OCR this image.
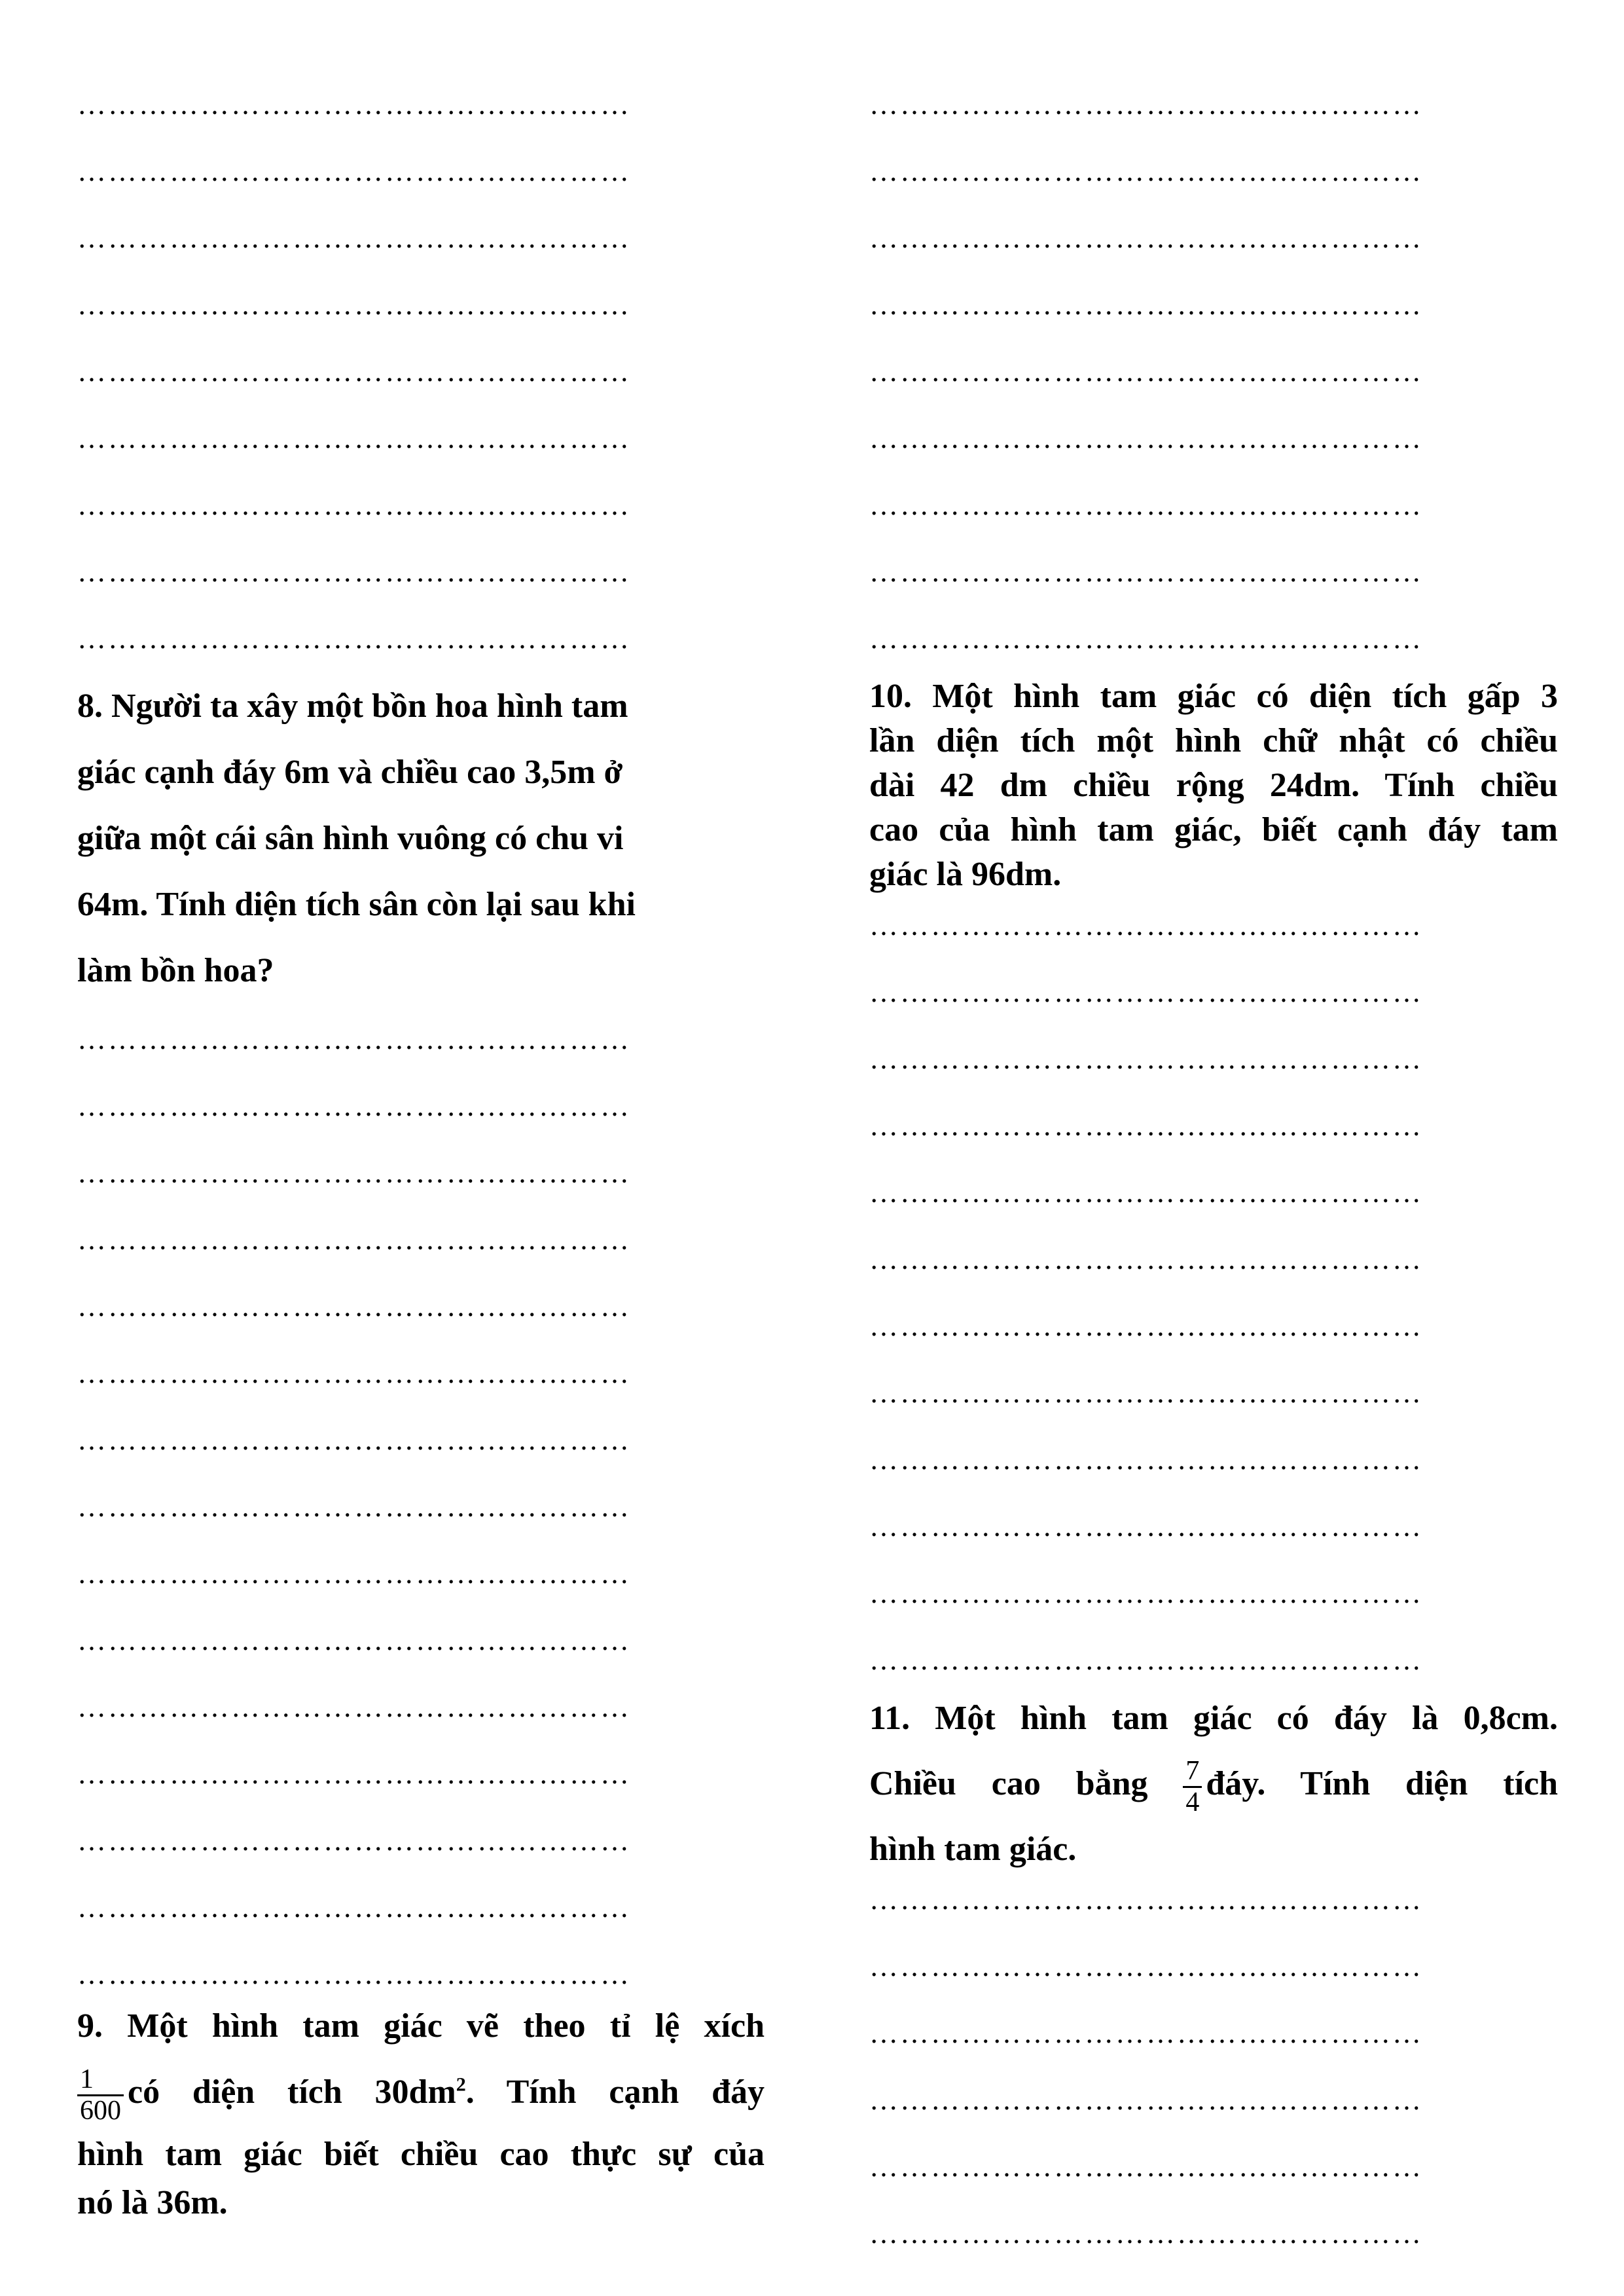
………………………………………………
………………………………………………
………………………………………………
………………………………………………
………………………………………………
………………………………………………
………………………………………………
………………………………………………
………………………………………………

8. Người ta xây một bồn hoa hình tam

giác cạnh đáy 6m và chiều cao 3,5m ở

giữa một cái sân hình vuông có chu vi

64m. Tính diện tích sân còn lại sau khi

làm bồn hoa?

………………………………………………
………………………………………………
………………………………………………
………………………………………………
………………………………………………
………………………………………………
………………………………………………
………………………………………………
………………………………………………
………………………………………………
………………………………………………
………………………………………………
………………………………………………
………………………………………………
………………………………………………

9. Một hình tam giác vẽ theo tỉ lệ xích

$\frac{1}{600}$ có diện tích $30dm^2$. Tính cạnh đáy

hình tam giác biết chiều cao thực sự của

nó là 36m.

………………………………………………
………………………………………………
………………………………………………
………………………………………………
………………………………………………
………………………………………………
………………………………………………
………………………………………………
………………………………………………

10. Một hình tam giác có diện tích gấp 3

lần diện tích một hình chữ nhật có chiều

dài 42 dm chiều rộng 24dm. Tính chiều

cao của hình tam giác, biết cạnh đáy tam

giác là 96dm.

………………………………………………
………………………………………………
………………………………………………
………………………………………………
………………………………………………
………………………………………………
………………………………………………
………………………………………………
………………………………………………
………………………………………………
………………………………………………
………………………………………………

11. Một hình tam giác có đáy là 0,8cm.

Chiều cao bằng $\frac{7}{4}$ đáy. Tính diện tích

hình tam giác.

………………………………………………
………………………………………………
………………………………………………
………………………………………………
………………………………………………
………………………………………………
